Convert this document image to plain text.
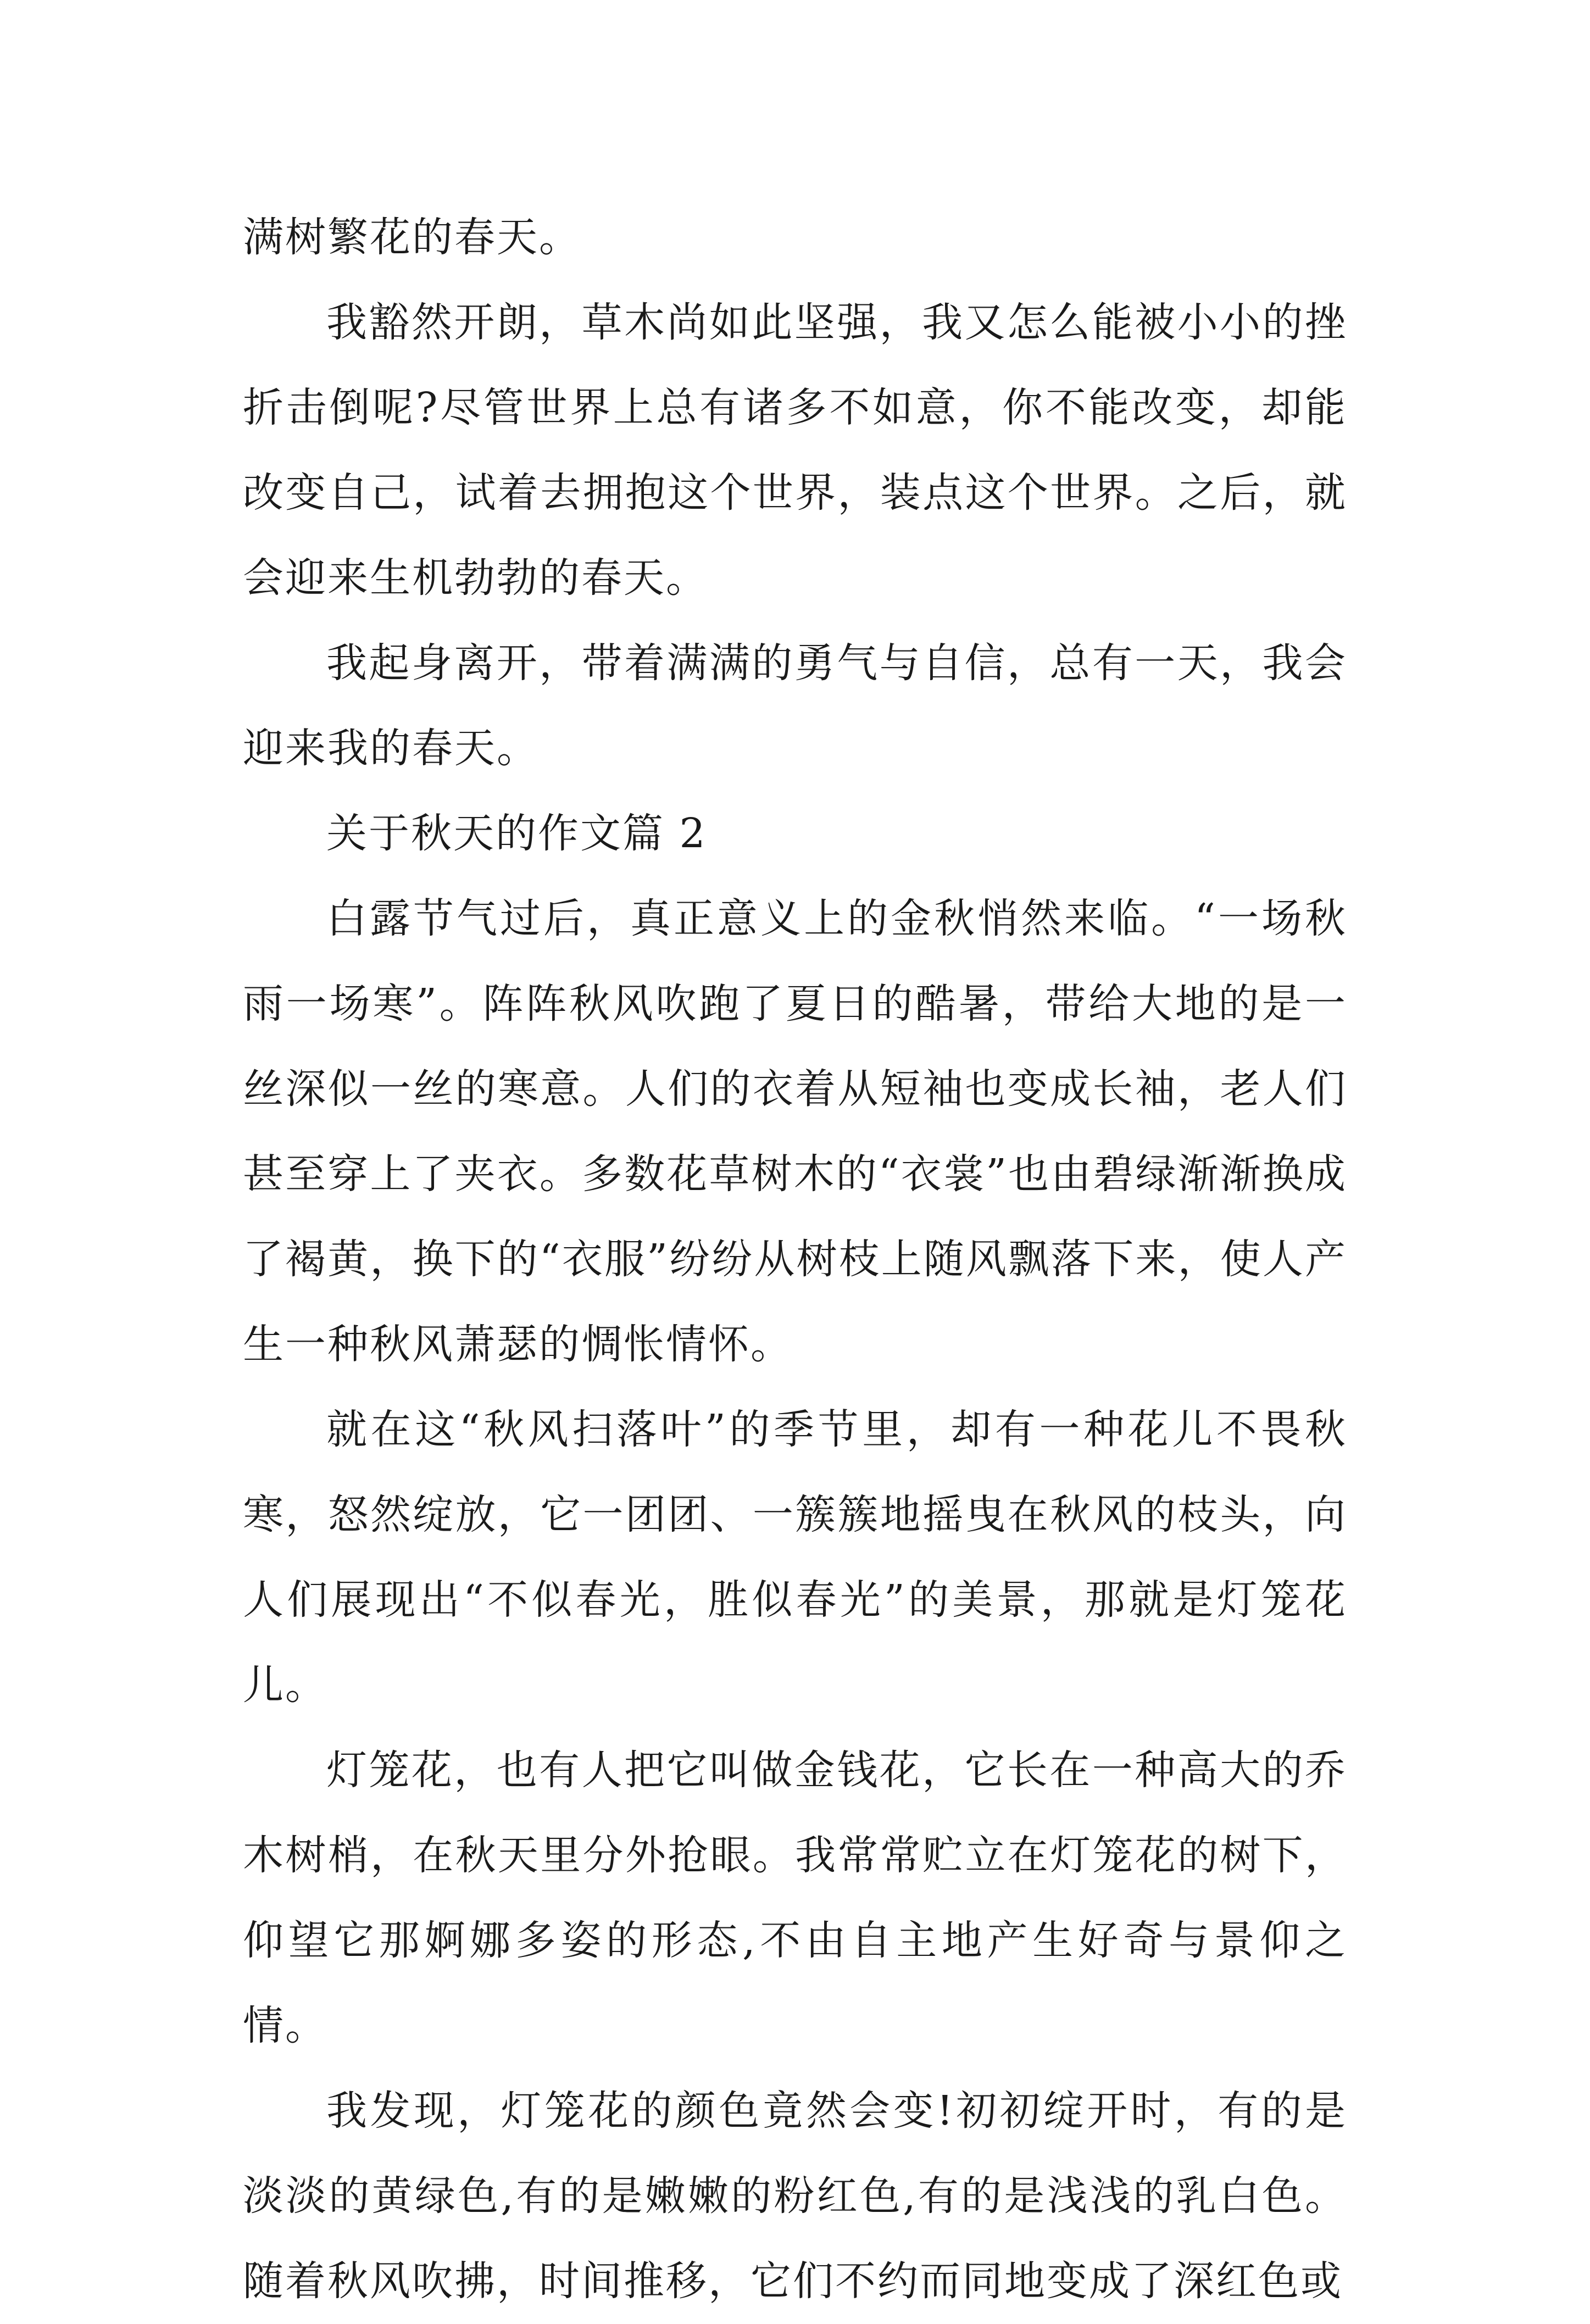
满树繁花的春天。

我豁然开朗，草木尚如此坚强，我又怎么能被小小的挫折击倒呢?尽管世界上总有诸多不如意，你不能改变，却能改变自己，试着去拥抱这个世界，装点这个世界。之后，就会迎来生机勃勃的春天。

我起身离开，带着满满的勇气与自信，总有一天，我会迎来我的春天。

关于秋天的作文篇 2

白露节气过后，真正意义上的金秋悄然来临。“一场秋雨一场寒”。阵阵秋风吹跑了夏日的酷暑，带给大地的是一丝深似一丝的寒意。人们的衣着从短袖也变成长袖，老人们甚至穿上了夹衣。多数花草树木的“衣裳”也由碧绿渐渐换成了褐黄，换下的“衣服”纷纷从树枝上随风飘落下来，使人产生一种秋风萧瑟的惆怅情怀。

就在这“秋风扫落叶”的季节里，却有一种花儿不畏秋寒，怒然绽放，它一团团、一簇簇地摇曳在秋风的枝头，向人们展现出“不似春光，胜似春光”的美景，那就是灯笼花儿。

灯笼花，也有人把它叫做金钱花，它长在一种高大的乔木树梢，在秋天里分外抢眼。我常常贮立在灯笼花的树下，仰望它那婀娜多姿的形态,不由自主地产生好奇与景仰之情。

我发现，灯笼花的颜色竟然会变!初初绽开时，有的是淡淡的黄绿色,有的是嫩嫩的粉红色,有的是浅浅的乳白色。随着秋风吹拂，时间推移，它们不约而同地变成了深红色或
